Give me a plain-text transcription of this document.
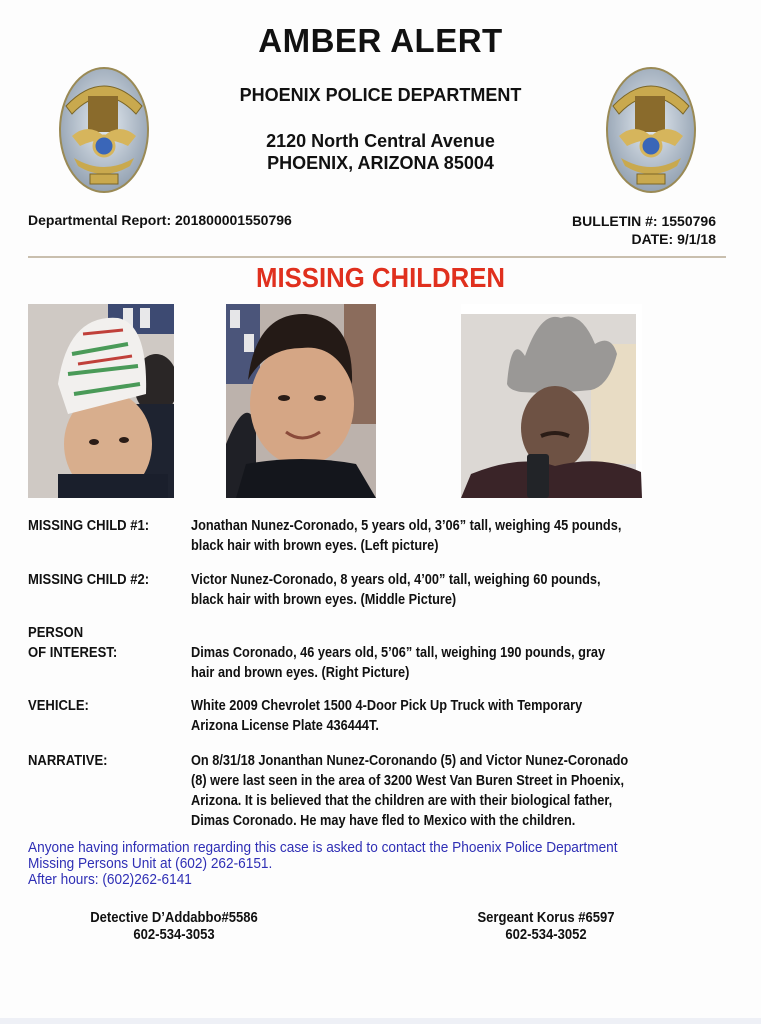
AMBER ALERT
PHOENIX POLICE DEPARTMENT
2120 North Central Avenue
PHOENIX, ARIZONA 85004
Departmental Report: 201800001550796	BULLETIN #: 1550796
DATE: 9/1/18
MISSING CHILDREN
MISSING CHILD #1:	Jonathan Nunez-Coronado, 5 years old, 3’06” tall, weighing 45 pounds,
black hair with brown eyes. (Left picture)
MISSING CHILD #2:	Victor Nunez-Coronado, 8 years old, 4’00” tall, weighing 60 pounds,
black hair with brown eyes. (Middle Picture)
PERSON
OF INTEREST:	Dimas Coronado, 46 years old, 5’06” tall, weighing 190 pounds, gray
hair and brown eyes. (Right Picture)
VEHICLE:	White 2009 Chevrolet 1500 4-Door Pick Up Truck with Temporary
Arizona License Plate 436444T.
NARRATIVE:	On 8/31/18 Jonanthan Nunez-Coronando (5) and Victor Nunez-Coronado
(8) were last seen in the area of 3200 West Van Buren Street in Phoenix,
Arizona. It is believed that the children are with their biological father,
Dimas Coronado. He may have fled to Mexico with the children.
Anyone having information regarding this case is asked to contact the Phoenix Police Department
Missing Persons Unit at (602) 262-6151.
After hours: (602)262-6141
Detective D’Addabbo#5586
602-534-3053
Sergeant Korus #6597
602-534-3052
